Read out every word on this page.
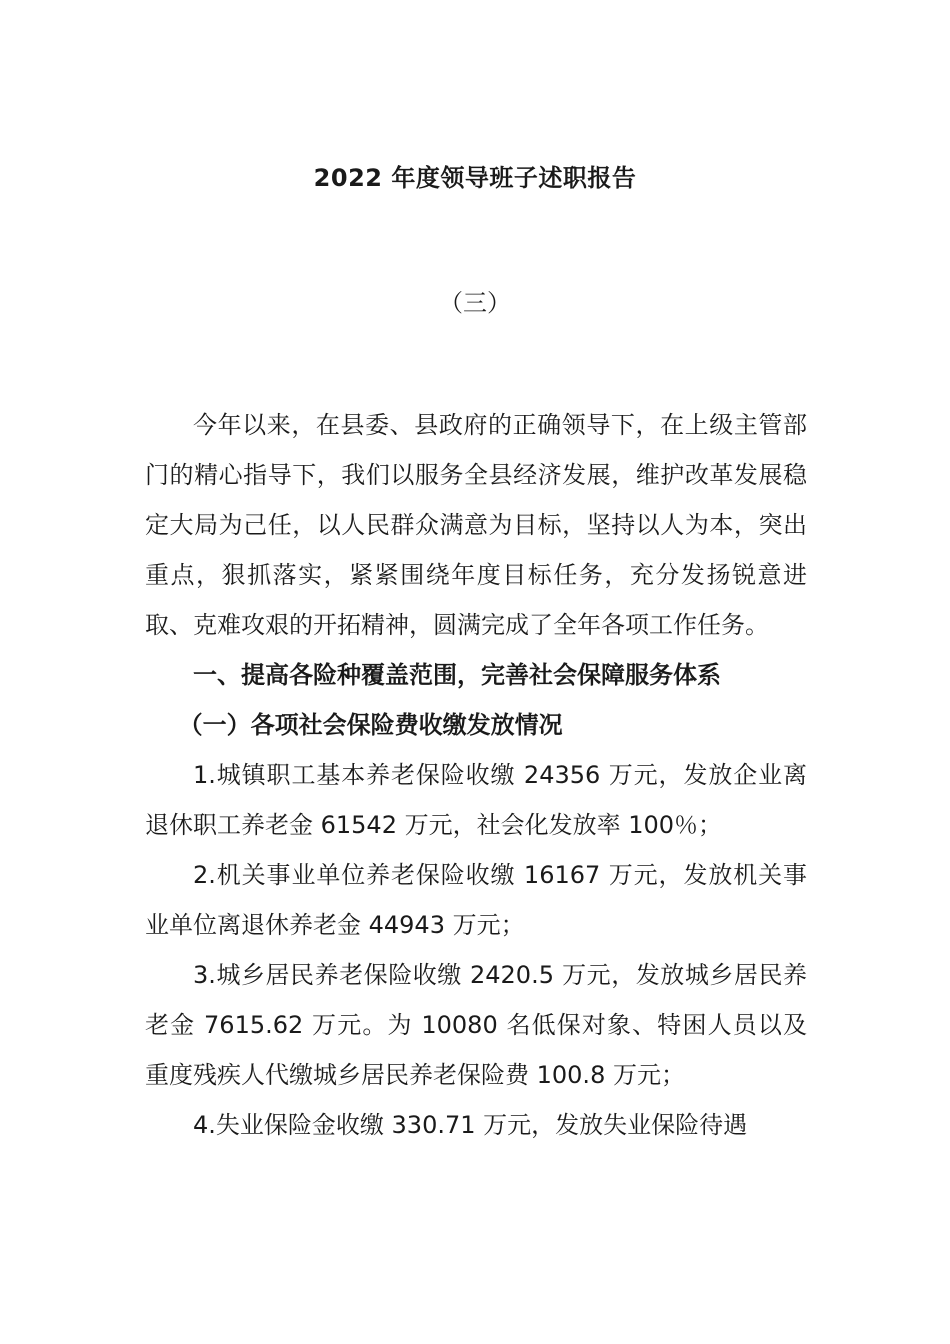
2022 年度领导班子述职报告
（三）

今年以来，在县委、县政府的正确领导下，在上级主管部门的精心指导下，我们以服务全县经济发展，维护改革发展稳定大局为己任，以人民群众满意为目标，坚持以人为本，突出重点，狠抓落实，紧紧围绕年度目标任务，充分发扬锐意进取、克难攻艰的开拓精神，圆满完成了全年各项工作任务。

一、提高各险种覆盖范围，完善社会保障服务体系

（一）各项社会保险费收缴发放情况

1.城镇职工基本养老保险收缴 24356 万元，发放企业离退休职工养老金 61542 万元，社会化发放率 100％；

2.机关事业单位养老保险收缴 16167 万元，发放机关事业单位离退休养老金 44943 万元；

3.城乡居民养老保险收缴 2420.5 万元，发放城乡居民养老金 7615.62 万元。为 10080 名低保对象、特困人员以及重度残疾人代缴城乡居民养老保险费 100.8 万元；

4.失业保险金收缴 330.71 万元，发放失业保险待遇
